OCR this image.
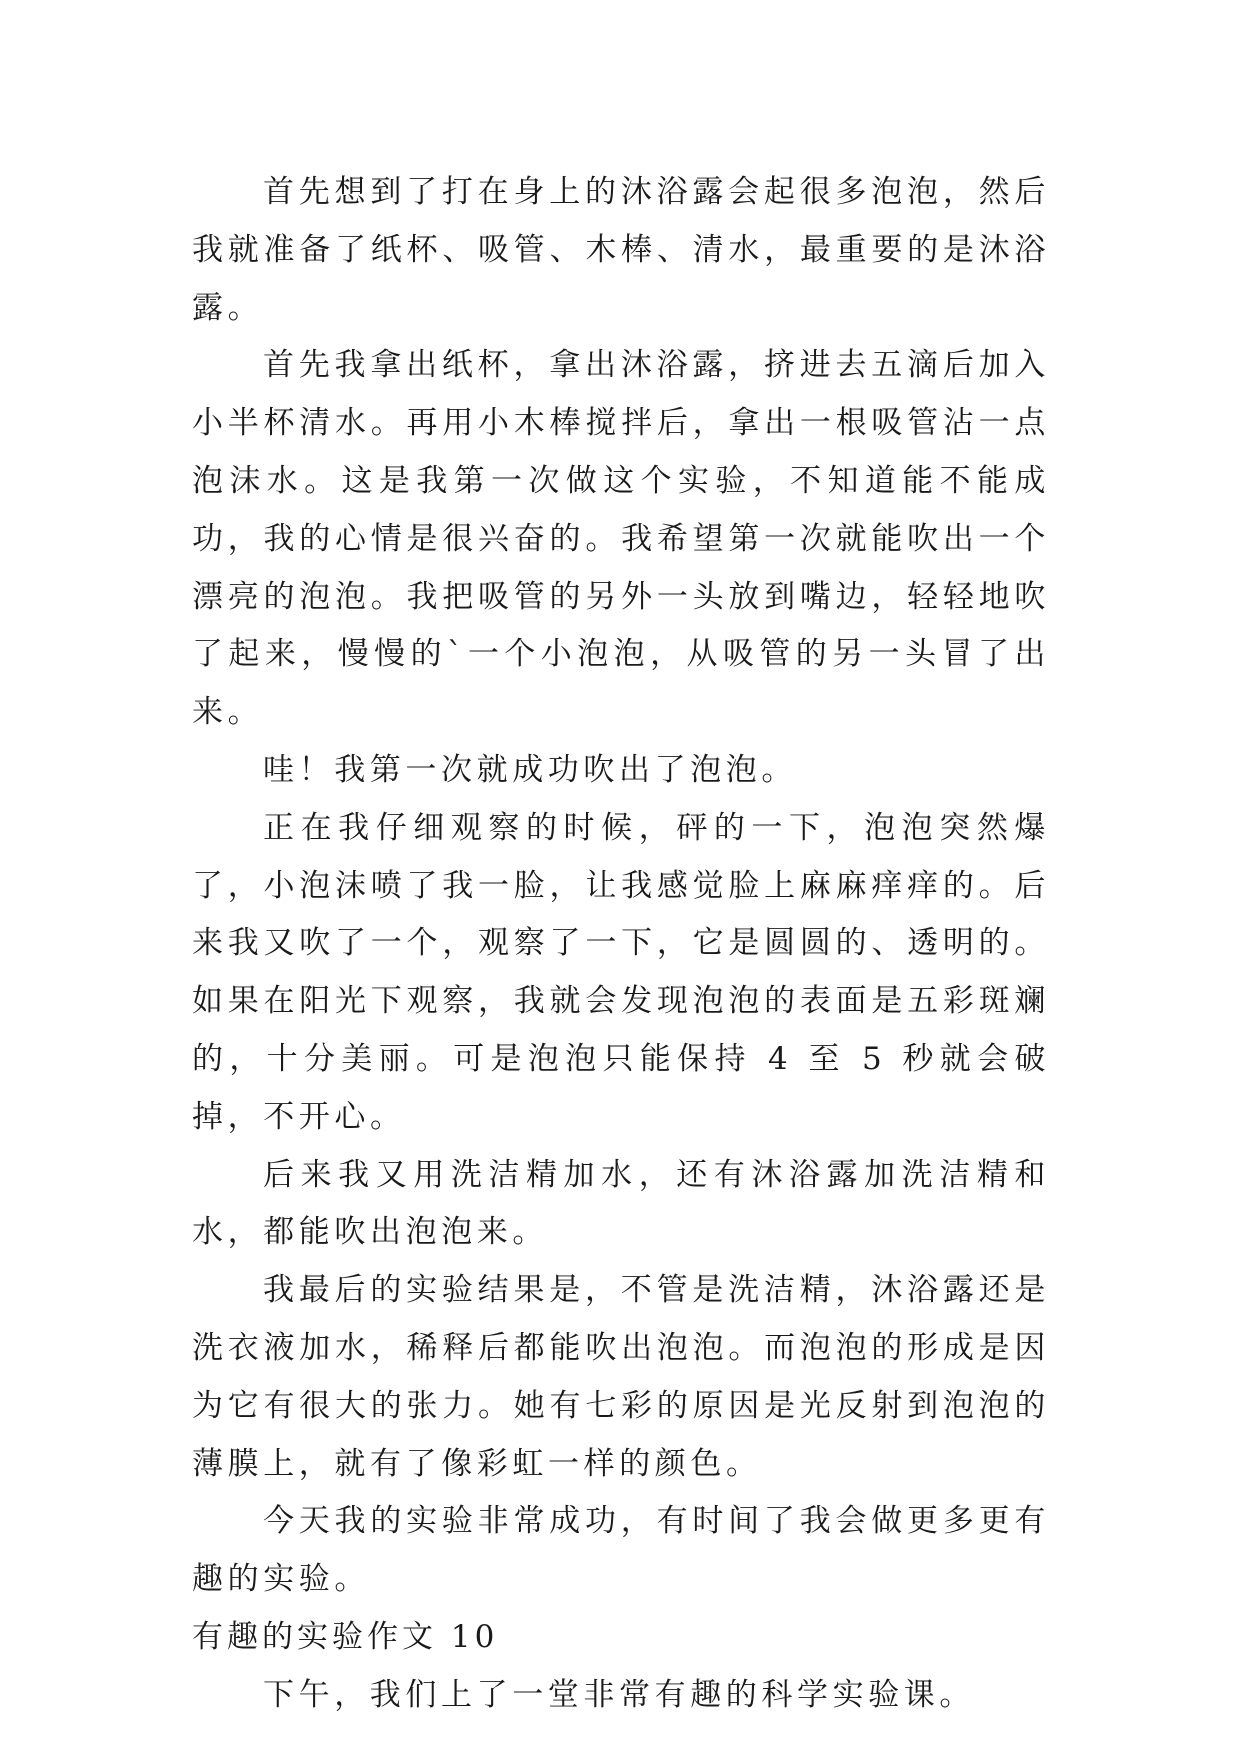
首先想到了打在身上的沐浴露会起很多泡泡，然后我就准备了纸杯、吸管、木棒、清水，最重要的是沐浴露。

首先我拿出纸杯，拿出沐浴露，挤进去五滴后加入小半杯清水。再用小木棒搅拌后，拿出一根吸管沾一点泡沫水。这是我第一次做这个实验，不知道能不能成功，我的心情是很兴奋的。我希望第一次就能吹出一个漂亮的泡泡。我把吸管的另外一头放到嘴边，轻轻地吹了起来，慢慢的`一个小泡泡，从吸管的另一头冒了出来。

哇！我第一次就成功吹出了泡泡。

正在我仔细观察的时候，砰的一下，泡泡突然爆了，小泡沫喷了我一脸，让我感觉脸上麻麻痒痒的。后来我又吹了一个，观察了一下，它是圆圆的、透明的。如果在阳光下观察，我就会发现泡泡的表面是五彩斑斓的，十分美丽。可是泡泡只能保持 4 至 5 秒就会破掉，不开心。

后来我又用洗洁精加水，还有沐浴露加洗洁精和水，都能吹出泡泡来。

我最后的实验结果是，不管是洗洁精，沐浴露还是洗衣液加水，稀释后都能吹出泡泡。而泡泡的形成是因为它有很大的张力。她有七彩的原因是光反射到泡泡的薄膜上，就有了像彩虹一样的颜色。

今天我的实验非常成功，有时间了我会做更多更有趣的实验。

有趣的实验作文 10

下午，我们上了一堂非常有趣的科学实验课。
